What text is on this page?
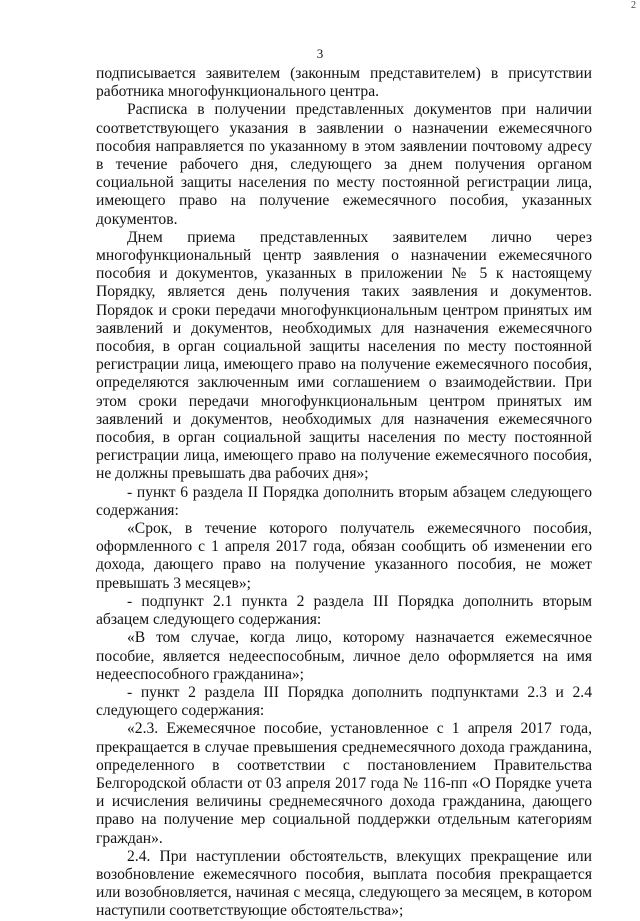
2
3

подписывается заявителем (законным представителем) в присутствии работника многофункционального центра.

Расписка в получении представленных документов при наличии соответствующего указания в заявлении о назначении ежемесячного пособия направляется по указанному в этом заявлении почтовому адресу в течение рабочего дня, следующего за днем получения органом социальной защиты населения по месту постоянной регистрации лица, имеющего право на получение ежемесячного пособия, указанных документов.

Днем приема представленных заявителем лично через многофункциональный центр заявления о назначении ежемесячного пособия и документов, указанных в приложении № 5 к настоящему Порядку, является день получения таких заявления и документов. Порядок и сроки передачи многофункциональным центром принятых им заявлений и документов, необходимых для назначения ежемесячного пособия, в орган социальной защиты населения по месту постоянной регистрации лица, имеющего право на получение ежемесячного пособия, определяются заключенным ими соглашением о взаимодействии. При этом сроки передачи многофункциональным центром принятых им заявлений и документов, необходимых для назначения ежемесячного пособия, в орган социальной защиты населения по месту постоянной регистрации лица, имеющего право на получение ежемесячного пособия, не должны превышать два рабочих дня»;

- пункт 6 раздела II Порядка дополнить вторым абзацем следующего содержания:

«Срок, в течение которого получатель ежемесячного пособия, оформленного с 1 апреля 2017 года, обязан сообщить об изменении его дохода, дающего право на получение указанного пособия, не может превышать 3 месяцев»;

- подпункт 2.1 пункта 2 раздела III Порядка дополнить вторым абзацем следующего содержания:

«В том случае, когда лицо, которому назначается ежемесячное пособие, является недееспособным, личное дело оформляется на имя недееспособного гражданина»;

- пункт 2 раздела III Порядка дополнить подпунктами 2.3 и 2.4 следующего содержания:

«2.3. Ежемесячное пособие, установленное с 1 апреля 2017 года, прекращается в случае превышения среднемесячного дохода гражданина, определенного в соответствии с постановлением Правительства Белгородской области от 03 апреля 2017 года № 116-пп «О Порядке учета и исчисления величины среднемесячного дохода гражданина, дающего право на получение мер социальной поддержки отдельным категориям граждан».

2.4. При наступлении обстоятельств, влекущих прекращение или возобновление ежемесячного пособия, выплата пособия прекращается или возобновляется, начиная с месяца, следующего за месяцем, в котором наступили соответствующие обстоятельства»;
